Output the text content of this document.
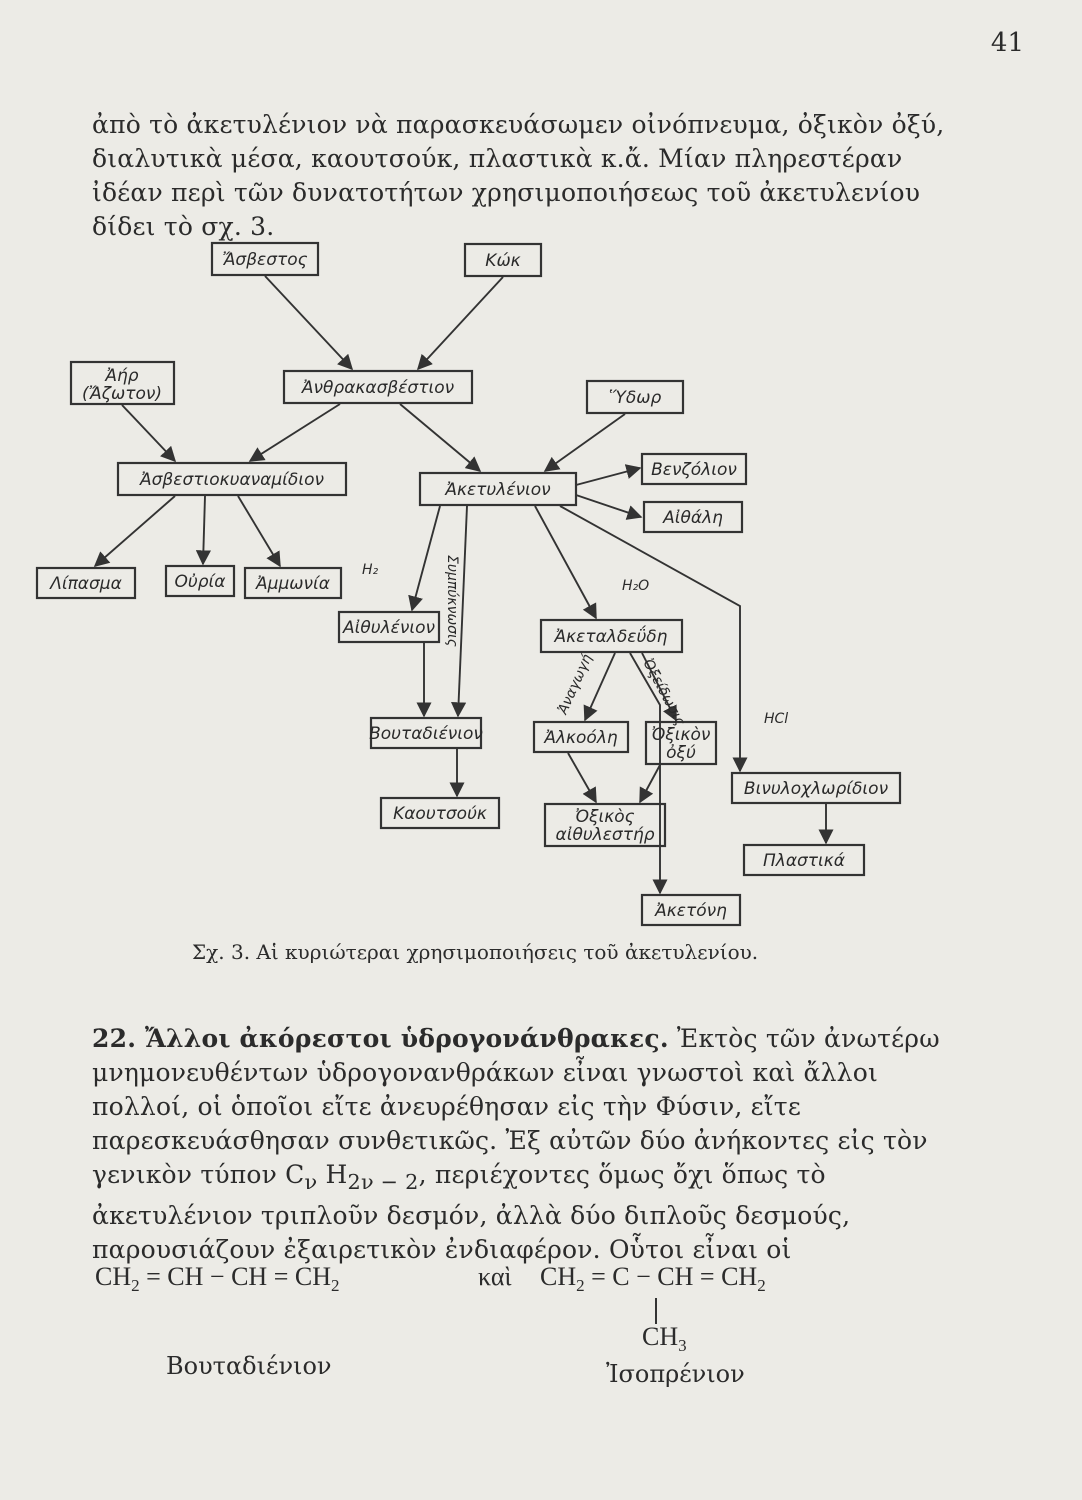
41

ἀπὸ τὸ ἀκετυλένιον νὰ παρασκευάσωμεν οἰνόπνευμα, ὀξικὸν ὀξύ, διαλυτικὰ μέσα, καουτσούκ, πλαστικὰ κ.ἄ. Μίαν πληρεστέραν ἰδέαν περὶ τῶν δυνατοτήτων χρησιμοποιήσεως τοῦ ἀκετυλενίου δίδει τὸ σχ. 3.

Ἄσβεστος	Κώκ
Ἀήρ
(Ἄζωτον)	Ἀνθρακασβέστιον	Ὕδωρ
Ἀσβεστιοκυαναμίδιον	Ἀκετυλένιον
Βενζόλιον
Αἰθάλη
Λίπασμα	Οὐρία Ἀμμωνία
Αἰθυλένιον	Ἀκεταλδεΰδη
Βουταδιένιον	Ἀλκοόλη Ὀξικὸν
ὀξύ
Βινυλοχλωρίδιον
Καουτσούκ	Ὀξικὸς
αἰθυλεστήρ
Πλαστικά
Ἀκετόνη
H₂
H₂O
HCl
Συμπύκνωσις
Ἀναγωγή	Ὀξείδωσις
Σχ. 3. Αἱ κυριώτεραι χρησιμοποιήσεις τοῦ ἀκετυλενίου.

22. Ἄλλοι ἀκόρεστοι ὑδρογονάνθρακες. Ἐκτὸς τῶν ἀνωτέρω μνημονευθέντων ὑδρογονανθράκων εἶναι γνωστοὶ καὶ ἄλλοι πολλοί, οἱ ὁποῖοι εἴτε ἀνευρέθησαν εἰς τὴν Φύσιν, εἴτε παρεσκευάσθησαν συνθετικῶς. Ἐξ αὐτῶν δύο ἀνήκοντες εἰς τὸν γενικὸν τύπον $C_\nu$ $H_{2\nu - 2}$, περιέχοντες ὅμως ὄχι ὅπως τὸ ἀκετυλένιον τριπλοῦν δεσμόν, ἀλλὰ δύο διπλοῦς δεσμούς, παρουσιάζουν ἐξαιρετικὸν ἐνδιαφέρον. Οὗτοι εἶναι οἱ

$CH_2$ = CH − CH = $CH_2$	καὶ $CH_2 = C$ − CH = $CH_2$
$CH_3$
Βουταδιένιον	Ἰσοπρένιον
